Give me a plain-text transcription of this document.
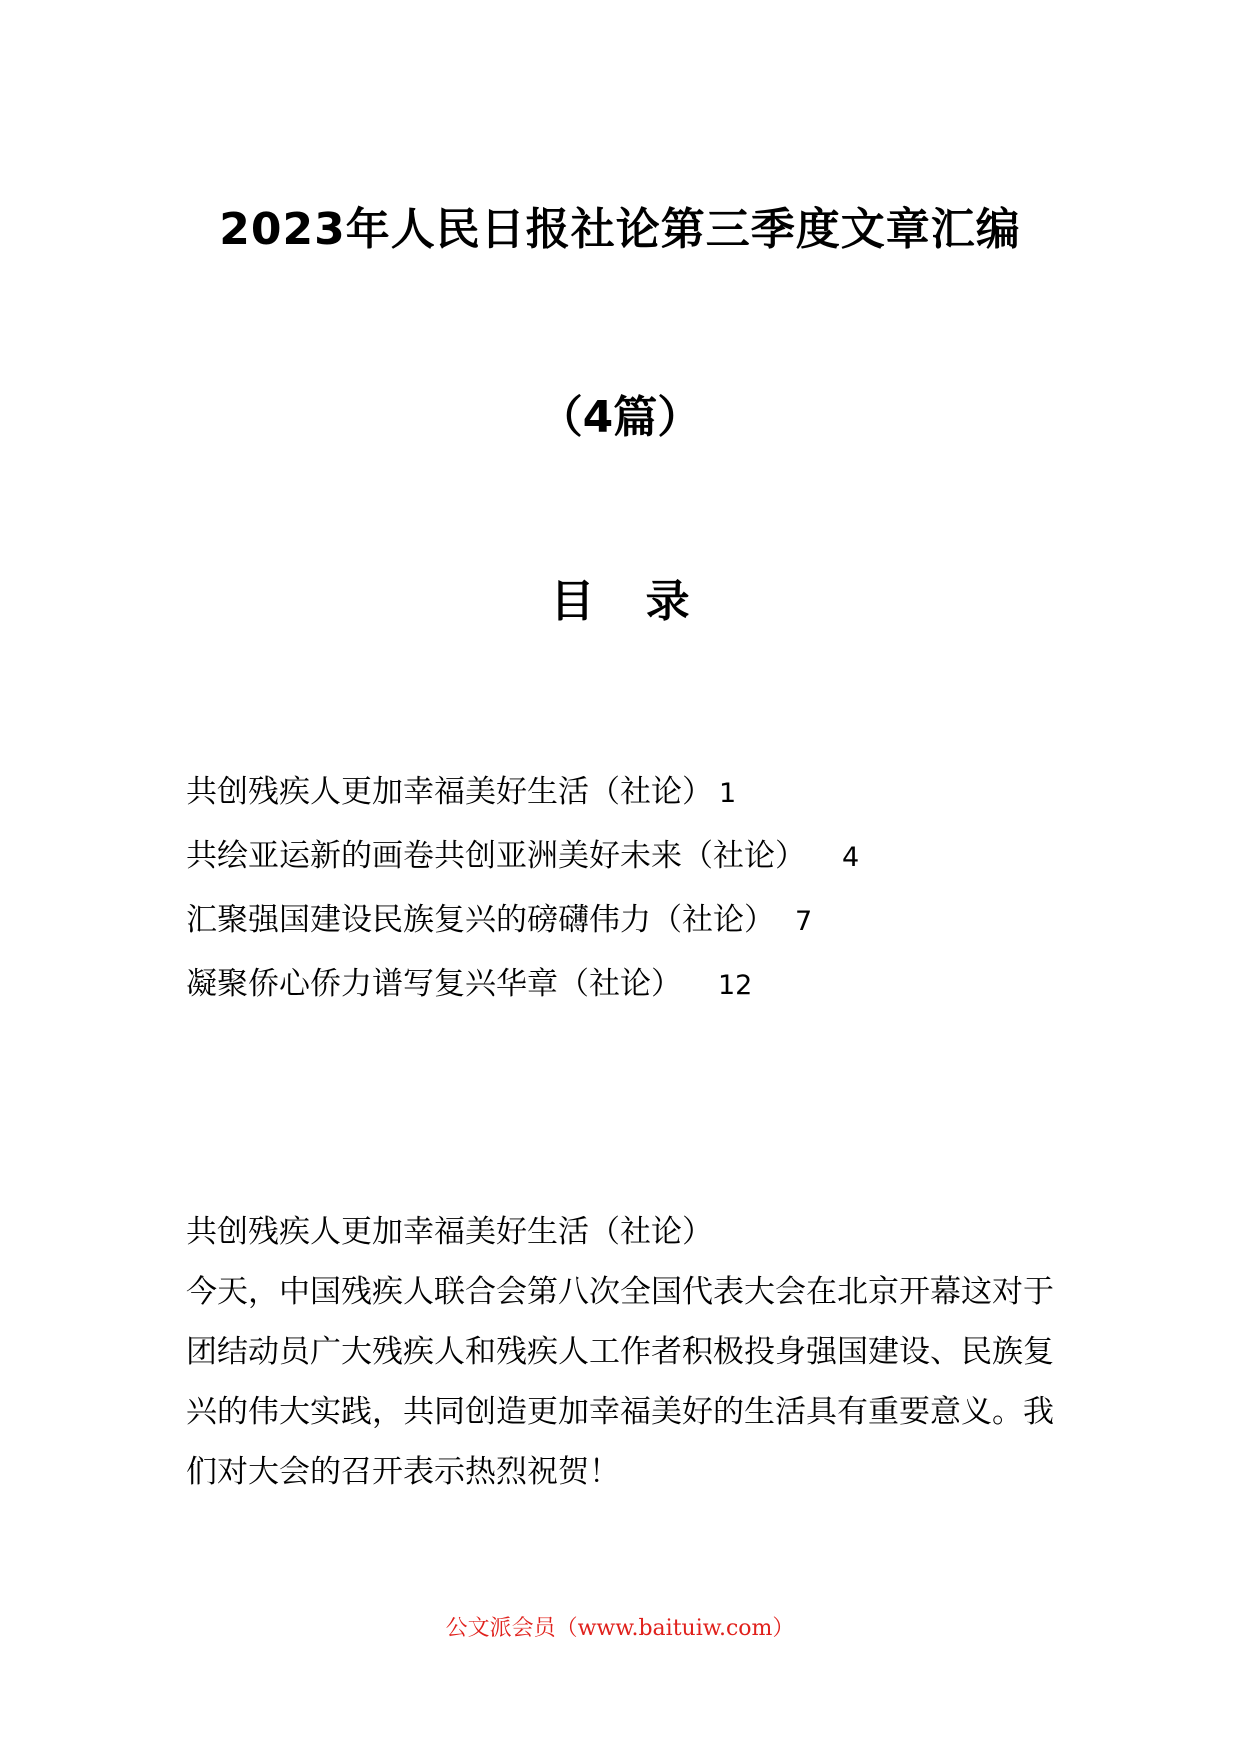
2023年人民日报社论第三季度文章汇编
（4篇）
目 录
共创残疾人更加幸福美好生活（社论） 1
共绘亚运新的画卷共创亚洲美好未来（社论） 4
汇聚强国建设民族复兴的磅礴伟力（社论） 7
凝聚侨心侨力谱写复兴华章（社论） 12
共创残疾人更加幸福美好生活（社论）

今天，中国残疾人联合会第八次全国代表大会在北京开幕这对于团结动员广大残疾人和残疾人工作者积极投身强国建设、民族复兴的伟大实践，共同创造更加幸福美好的生活具有重要意义。我们对大会的召开表示热烈祝贺！

公文派会员（www.baituiw.com）
